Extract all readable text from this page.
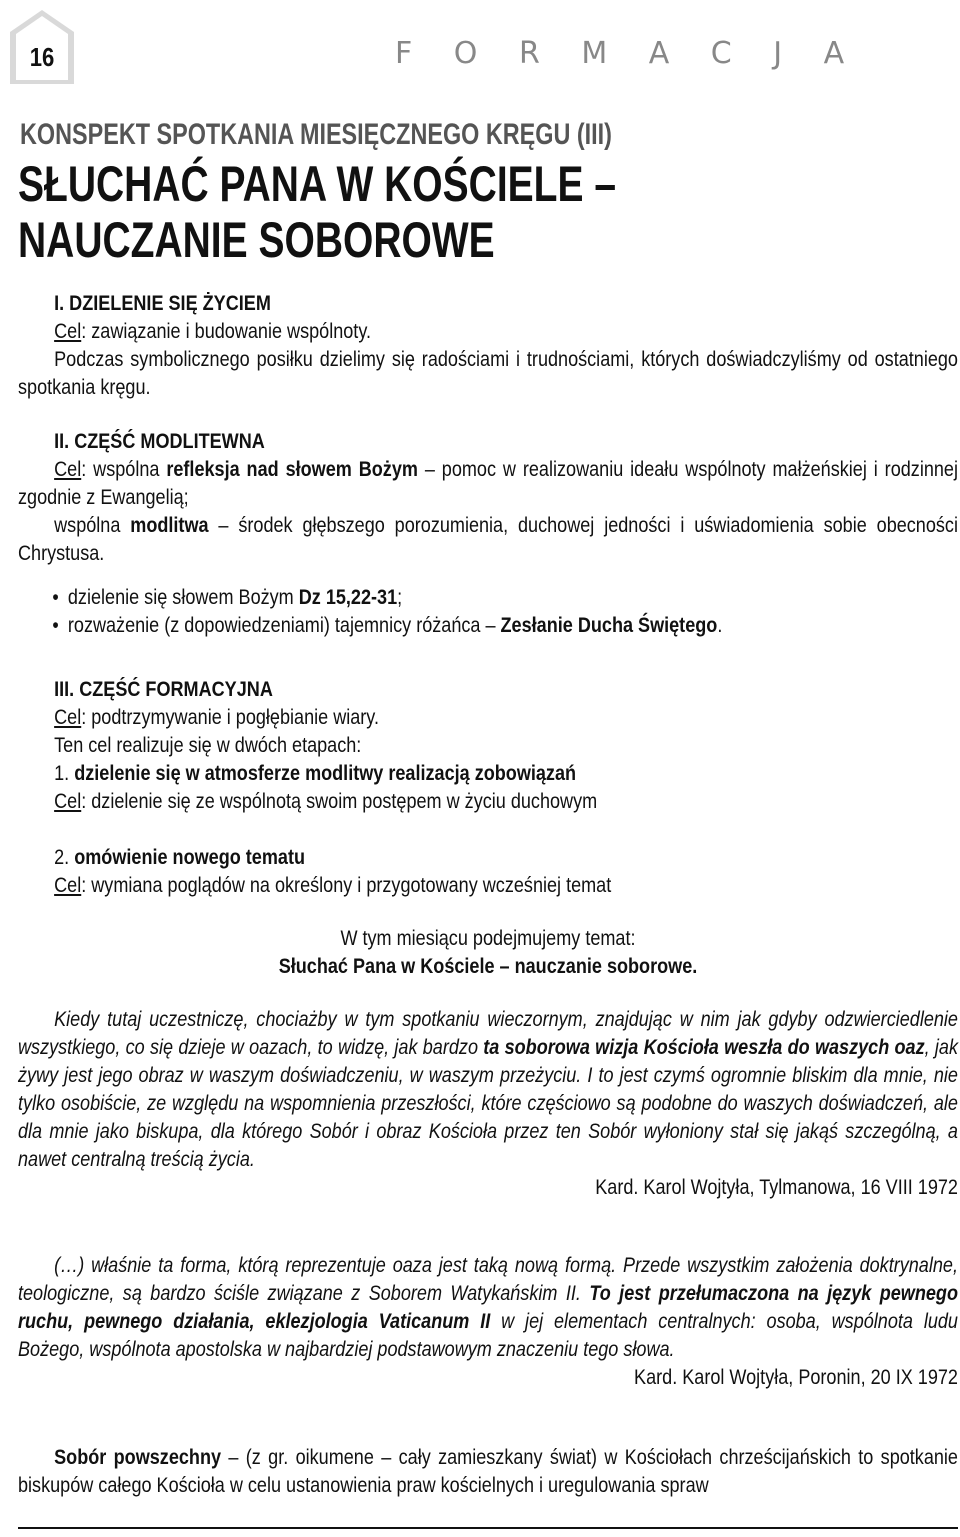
16	F O R M A C J A
KONSPEKT SPOTKANIA MIESIĘCZNEGO KRĘGU (III)
SŁUCHAĆ PANA W KOŚCIELE –
NAUCZANIE SOBOROWE
I. DZIELENIE SIĘ ŻYCIEM
Cel: zawiązanie i budowanie wspólnoty.
Podczas symbolicznego posiłku dzielimy się radościami i trudnościami, których doświadczyliśmy od ostatniego spotkania kręgu.
II. CZĘŚĆ MODLITEWNA
Cel: wspólna refleksja nad słowem Bożym – pomoc w realizowaniu ideału wspólnoty małżeńskiej i rodzinnej zgodnie z Ewangelią;
wspólna modlitwa – środek głębszego porozumienia, duchowej jedności i uświadomienia sobie obecności Chrystusa.
• dzielenie się słowem Bożym Dz 15,22-31;
• rozważenie (z dopowiedzeniami) tajemnicy różańca – Zesłanie Ducha Świętego.
III. CZĘŚĆ FORMACYJNA
Cel: podtrzymywanie i pogłębianie wiary.
Ten cel realizuje się w dwóch etapach:
1. dzielenie się w atmosferze modlitwy realizacją zobowiązań
Cel: dzielenie się ze wspólnotą swoim postępem w życiu duchowym
2. omówienie nowego tematu
Cel: wymiana poglądów na określony i przygotowany wcześniej temat
W tym miesiącu podejmujemy temat:
Słuchać Pana w Kościele – nauczanie soborowe.
Kiedy tutaj uczestniczę, chociażby w tym spotkaniu wieczornym, znajdując w nim jak gdyby odzwierciedlenie wszystkiego, co się dzieje w oazach, to widzę, jak bardzo ta soborowa wizja Kościoła weszła do waszych oaz, jak żywy jest jego obraz w waszym doświadczeniu, w waszym przeżyciu. I to jest czymś ogromnie bliskim dla mnie, nie tylko osobiście, ze względu na wspomnienia przeszłości, które częściowo są podobne do waszych doświadczeń, ale dla mnie jako biskupa, dla którego Sobór i obraz Kościoła przez ten Sobór wyłoniony stał się jakąś szczególną, a nawet centralną treścią życia.
Kard. Karol Wojtyła, Tylmanowa, 16 VIII 1972
(…) właśnie ta forma, którą reprezentuje oaza jest taką nową formą. Przede wszystkim założenia doktrynalne, teologiczne, są bardzo ściśle związane z Soborem Watykańskim II. To jest przełumaczona na język pewnego ruchu, pewnego działania, eklezjologia Vaticanum II w jej elementach centralnych: osoba, wspólnota ludu Bożego, wspólnota apostolska w najbardziej podstawowym znaczeniu tego słowa.
Kard. Karol Wojtyła, Poronin, 20 IX 1972
Sobór powszechny – (z gr. oikumene – cały zamieszkany świat) w Kościołach chrześcijańskich to spotkanie biskupów całego Kościoła w celu ustanowienia praw kościelnych i uregulowania spraw
